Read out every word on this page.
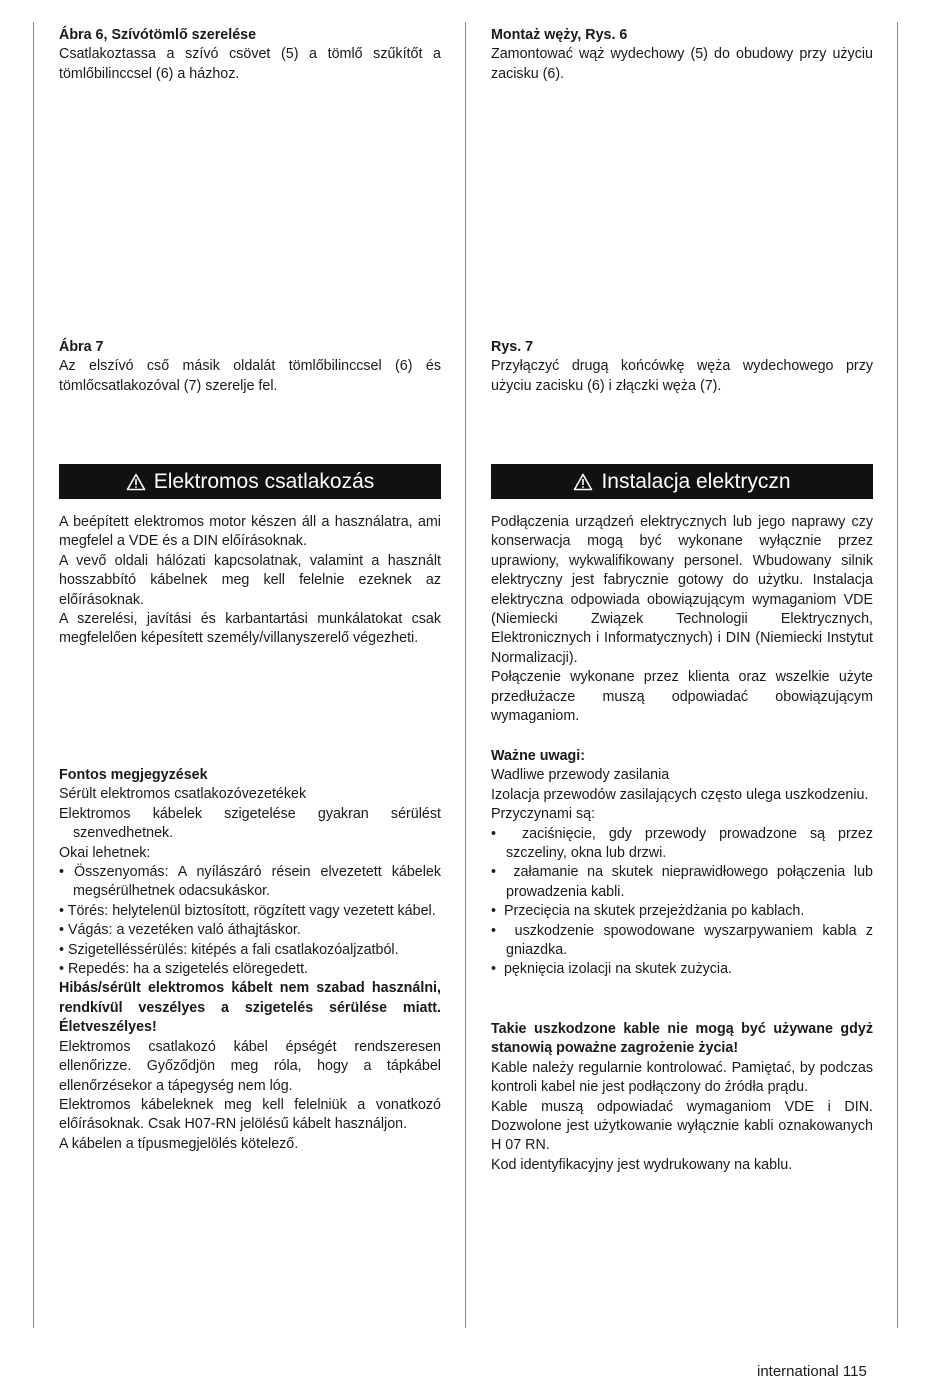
Ábra 6, Szívótömlő szerelése

Csatlakoztassa a szívó csövet (5) a tömlő szűkítőt a tömlőbilinccsel (6) a házhoz.

Ábra 7

Az elszívó cső másik oldalát tömlőbilinccsel (6) és tömlőcsatlakozóval (7) szerelje fel.

Elektromos csatlakozás

A beépített elektromos motor készen áll a használatra, ami megfelel a VDE és a DIN előírásoknak.

A vevő oldali hálózati kapcsolatnak, valamint a használt hosszabbító kábelnek meg kell felelnie ezeknek az előírásoknak.

A szerelési, javítási és karbantartási munkálatokat csak megfelelően képesített személy/villanyszerelő végezheti.

Fontos megjegyzések

Sérült elektromos csatlakozóvezetékek

Elektromos kábelek szigetelése gyakran sérülést szenvedhetnek.

Okai lehetnek:

• Összenyomás: A nyílászáró résein elvezetett kábelek megsérülhetnek odacsukáskor.

• Törés: helytelenül biztosított, rögzített vagy vezetett kábel.

• Vágás: a vezetéken való áthajtáskor.

• Szigetelléssérülés: kitépés a fali csatlakozóaljzatból.

• Repedés: ha a szigetelés elöregedett.

Hibás/sérült elektromos kábelt nem szabad használni, rendkívül veszélyes a szigetelés sérülése miatt. Életveszélyes!

Elektromos csatlakozó kábel épségét rendszeresen ellenőrizze. Győződjön meg róla, hogy a tápkábel ellenőrzésekor a tápegység nem lóg.

Elektromos kábeleknek meg kell felelniük a vonatkozó előírásoknak. Csak H07-RN jelölésű kábelt használjon.

A kábelen a típusmegjelölés kötelező.

Montaż węży, Rys. 6

Zamontować wąż wydechowy (5) do obudowy przy użyciu zacisku (6).

Rys. 7

Przyłączyć drugą końcówkę węża wydechowego przy użyciu zacisku (6) i złączki węża (7).

Instalacja elektryczn

Podłączenia urządzeń elektrycznych lub jego naprawy czy konserwacja mogą być wykonane wyłącznie przez uprawiony, wykwalifikowany personel. Wbudowany silnik elektryczny jest fabrycznie gotowy do użytku. Instalacja elektryczna odpowiada obowiązującym wymaganiom VDE (Niemiecki Związek Technologii Elektrycznych, Elektronicznych i Informatycznych) i DIN (Niemiecki Instytut Normalizacji).

Połączenie wykonane przez klienta oraz wszelkie użyte przedłużacze muszą odpowiadać obowiązującym wymaganiom.

Ważne uwagi:

Wadliwe przewody zasilania

Izolacja przewodów zasilających często ulega uszkodzeniu.

Przyczynami są:

•  zaciśnięcie, gdy przewody prowadzone są przez szczeliny, okna lub drzwi.

•  załamanie na skutek nieprawidłowego połączenia lub prowadzenia kabli.

•  Przecięcia na skutek przejeżdżania po kablach.

•  uszkodzenie spowodowane wyszarpywaniem kabla z gniazdka.

•  pęknięcia izolacji na skutek zużycia.

Takie uszkodzone kable nie mogą być używane gdyż stanowią poważne zagrożenie życia!

Kable należy regularnie kontrolować. Pamiętać, by podczas kontroli kabel nie jest podłączony do źródła prądu.

Kable muszą odpowiadać wymaganiom VDE i DIN. Dozwolone jest użytkowanie wyłącznie kabli oznakowanych H 07 RN.

Kod identyfikacyjny jest wydrukowany na kablu.

international 115
